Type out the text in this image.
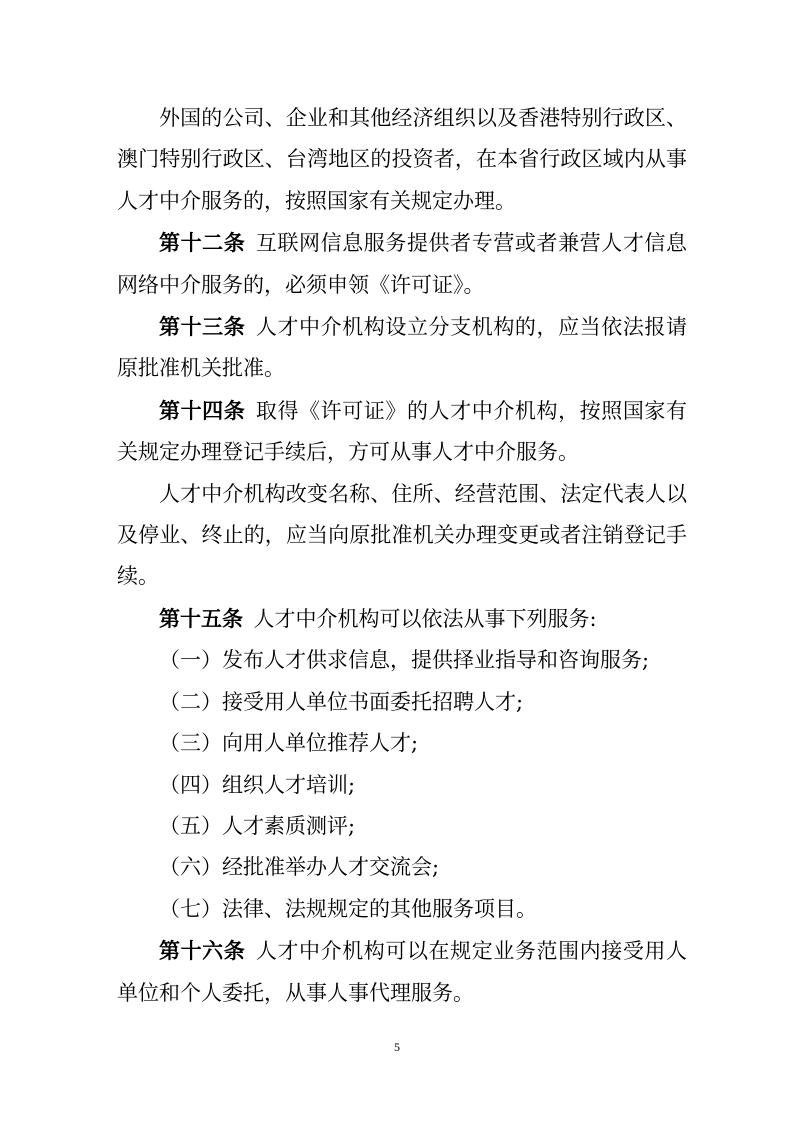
外国的公司、企业和其他经济组织以及香港特别行政区、澳门特别行政区、台湾地区的投资者，在本省行政区域内从事人才中介服务的，按照国家有关规定办理。

第十二条 互联网信息服务提供者专营或者兼营人才信息网络中介服务的，必须申领《许可证》。

第十三条 人才中介机构设立分支机构的，应当依法报请原批准机关批准。

第十四条 取得《许可证》的人才中介机构，按照国家有关规定办理登记手续后，方可从事人才中介服务。

人才中介机构改变名称、住所、经营范围、法定代表人以及停业、终止的，应当向原批准机关办理变更或者注销登记手续。

第十五条 人才中介机构可以依法从事下列服务:

（一）发布人才供求信息，提供择业指导和咨询服务;

（二）接受用人单位书面委托招聘人才;

（三）向用人单位推荐人才;

（四）组织人才培训;

（五）人才素质测评;

（六）经批准举办人才交流会;

（七）法律、法规规定的其他服务项目。

第十六条 人才中介机构可以在规定业务范围内接受用人单位和个人委托，从事人事代理服务。

5
